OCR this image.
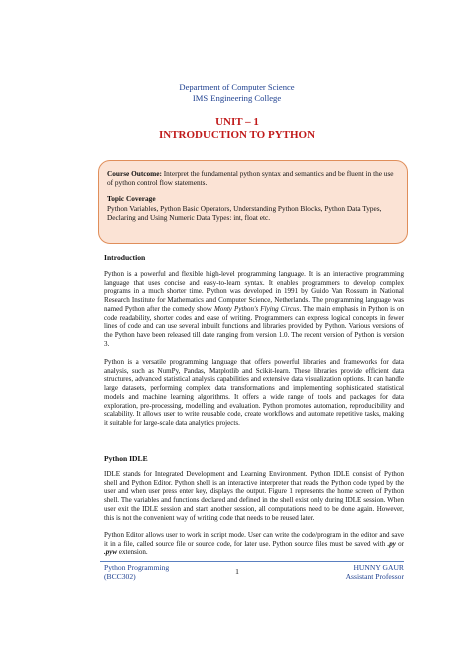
Department of Computer Science
IMS Engineering College
UNIT – 1
INTRODUCTION TO PYTHON
Course Outcome: Interpret the fundamental python syntax and semantics and be fluent in the use of python control flow statements.
Topic Coverage
Python Variables, Python Basic Operators, Understanding Python Blocks, Python Data Types, Declaring and Using Numeric Data Types: int, float etc.
Introduction

Python is a powerful and flexible high-level programming language. It is an interactive programming language that uses concise and easy-to-learn syntax. It enables programmers to develop complex programs in a much shorter time. Python was developed in 1991 by Guido Van Rossum in National Research Institute for Mathematics and Computer Science, Netherlands. The programming language was named Python after the comedy show Monty Python's Flying Circus. The main emphasis in Python is on code readability, shorter codes and ease of writing. Programmers can express logical concepts in fewer lines of code and can use several inbuilt functions and libraries provided by Python. Various versions of the Python have been released till date ranging from version 1.0. The recent version of Python is version 3.

Python is a versatile programming language that offers powerful libraries and frameworks for data analysis, such as NumPy, Pandas, Matplotlib and Scikit-learn. These libraries provide efficient data structures, advanced statistical analysis capabilities and extensive data visualization options. It can handle large datasets, performing complex data transformations and implementing sophisticated statistical models and machine learning algorithms. It offers a wide range of tools and packages for data exploration, pre-processing, modelling and evaluation. Python promotes automation, reproducibility and scalability. It allows user to write reusable code, create workflows and automate repetitive tasks, making it suitable for large-scale data analytics projects.

Python IDLE

IDLE stands for Integrated Development and Learning Environment. Python IDLE consist of Python shell and Python Editor. Python shell is an interactive interpreter that reads the Python code typed by the user and when user press enter key, displays the output. Figure 1 represents the home screen of Python shell. The variables and functions declared and defined in the shell exist only during IDLE session. When user exit the IDLE session and start another session, all computations need to be done again. However, this is not the convenient way of writing code that needs to be reused later.

Python Editor allows user to work in script mode. User can write the code/program in the editor and save it in a file, called source file or source code, for later use. Python source files must be saved with .py or .pyw extension.

Python Programming
(BCC302)
1	HUNNY GAUR
Assistant Professor
